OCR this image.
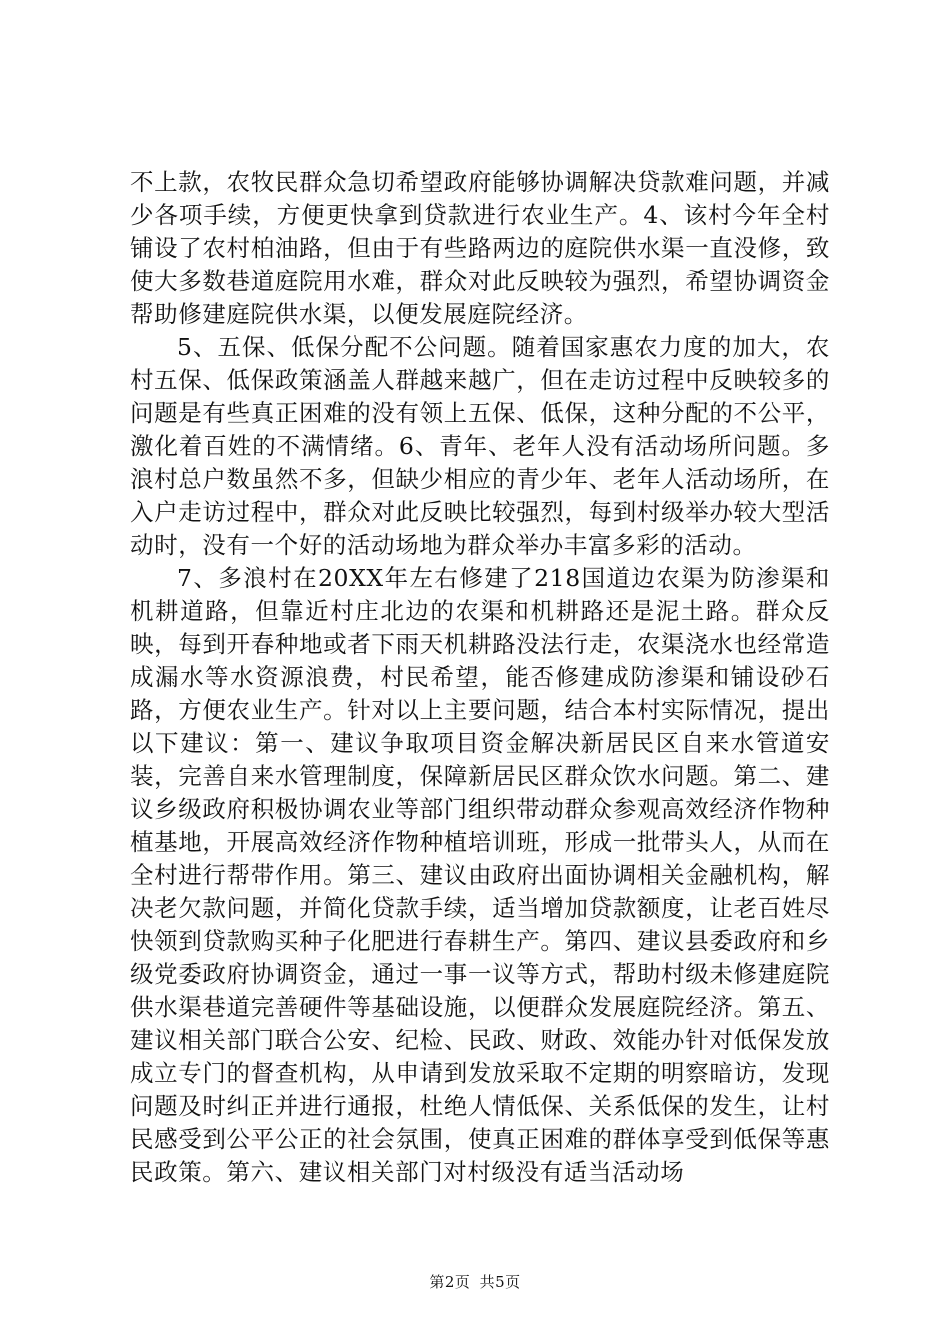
不上款，农牧民群众急切希望政府能够协调解决贷款难问题，并减少各项手续，方便更快拿到贷款进行农业生产。4、该村今年全村铺设了农村柏油路，但由于有些路两边的庭院供水渠一直没修，致使大多数巷道庭院用水难，群众对此反映较为强烈，希望协调资金帮助修建庭院供水渠，以便发展庭院经济。

5、五保、低保分配不公问题。随着国家惠农力度的加大，农村五保、低保政策涵盖人群越来越广，但在走访过程中反映较多的问题是有些真正困难的没有领上五保、低保，这种分配的不公平，激化着百姓的不满情绪。6、青年、老年人没有活动场所问题。多浪村总户数虽然不多，但缺少相应的青少年、老年人活动场所，在入户走访过程中，群众对此反映比较强烈，每到村级举办较大型活动时，没有一个好的活动场地为群众举办丰富多彩的活动。

7、多浪村在20XX年左右修建了218国道边农渠为防渗渠和机耕道路，但靠近村庄北边的农渠和机耕路还是泥土路。群众反映，每到开春种地或者下雨天机耕路没法行走，农渠浇水也经常造成漏水等水资源浪费，村民希望，能否修建成防渗渠和铺设砂石路，方便农业生产。针对以上主要问题，结合本村实际情况，提出以下建议：第一、建议争取项目资金解决新居民区自来水管道安装，完善自来水管理制度，保障新居民区群众饮水问题。第二、建议乡级政府积极协调农业等部门组织带动群众参观高效经济作物种植基地，开展高效经济作物种植培训班，形成一批带头人，从而在全村进行帮带作用。第三、建议由政府出面协调相关金融机构，解决老欠款问题，并简化贷款手续，适当增加贷款额度，让老百姓尽快领到贷款购买种子化肥进行春耕生产。第四、建议县委政府和乡级党委政府协调资金，通过一事一议等方式，帮助村级未修建庭院供水渠巷道完善硬件等基础设施，以便群众发展庭院经济。第五、建议相关部门联合公安、纪检、民政、财政、效能办针对低保发放成立专门的督查机构，从申请到发放采取不定期的明察暗访，发现问题及时纠正并进行通报，杜绝人情低保、关系低保的发生，让村民感受到公平公正的社会氛围，使真正困难的群体享受到低保等惠民政策。第六、建议相关部门对村级没有适当活动场

第2页 共5页
